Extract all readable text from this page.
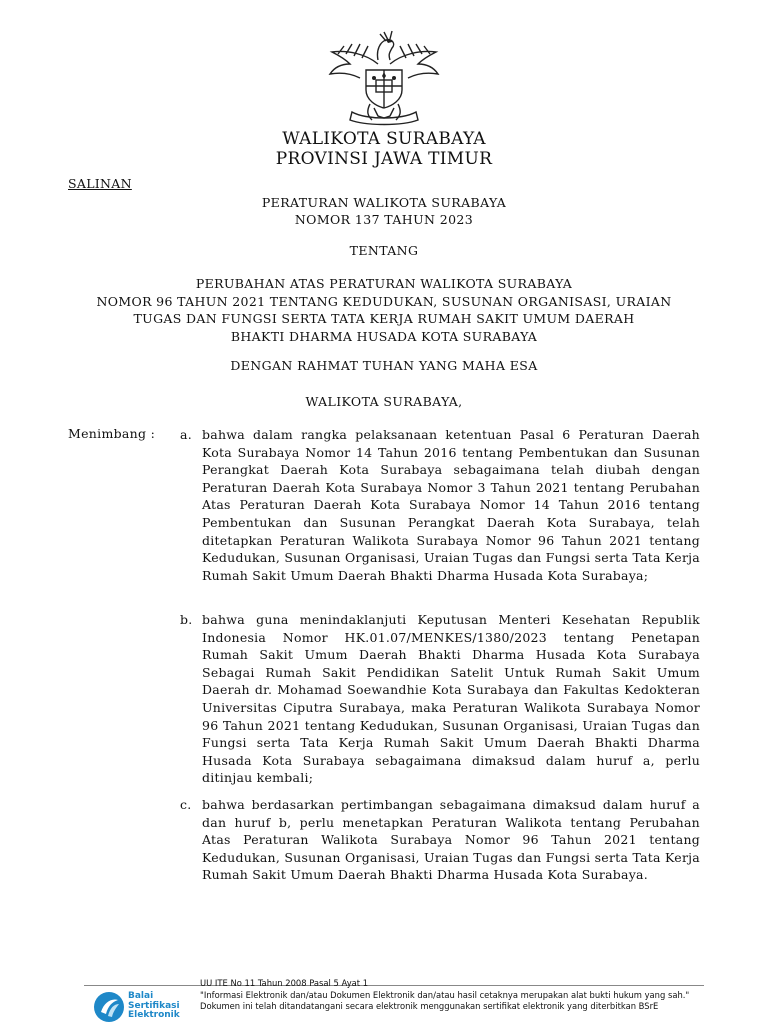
WALIKOTA SURABAYA
PROVINSI JAWA TIMUR
SALINAN
PERATURAN WALIKOTA SURABAYA
NOMOR 137 TAHUN 2023
TENTANG
PERUBAHAN ATAS PERATURAN WALIKOTA SURABAYA
NOMOR 96 TAHUN 2021 TENTANG KEDUDUKAN, SUSUNAN ORGANISASI, URAIAN
TUGAS DAN FUNGSI SERTA TATA KERJA RUMAH SAKIT UMUM DAERAH
BHAKTI DHARMA HUSADA KOTA SURABAYA
DENGAN RAHMAT TUHAN YANG MAHA ESA
WALIKOTA SURABAYA,
Menimbang : a. bahwa dalam rangka pelaksanaan ketentuan Pasal 6 Peraturan Daerah Kota Surabaya Nomor 14 Tahun 2016 tentang Pembentukan dan Susunan Perangkat Daerah Kota Surabaya sebagaimana telah diubah dengan Peraturan Daerah Kota Surabaya Nomor 3 Tahun 2021 tentang Perubahan Atas Peraturan Daerah Kota Surabaya Nomor 14 Tahun 2016 tentang Pembentukan dan Susunan Perangkat Daerah Kota Surabaya, telah ditetapkan Peraturan Walikota Surabaya Nomor 96 Tahun 2021 tentang Kedudukan, Susunan Organisasi, Uraian Tugas dan Fungsi serta Tata Kerja Rumah Sakit Umum Daerah Bhakti Dharma Husada Kota Surabaya;
b. bahwa guna menindaklanjuti Keputusan Menteri Kesehatan Republik Indonesia Nomor HK.01.07/MENKES/1380/2023 tentang Penetapan Rumah Sakit Umum Daerah Bhakti Dharma Husada Kota Surabaya Sebagai Rumah Sakit Pendidikan Satelit Untuk Rumah Sakit Umum Daerah dr. Mohamad Soewandhie Kota Surabaya dan Fakultas Kedokteran Universitas Ciputra Surabaya, maka Peraturan Walikota Surabaya Nomor 96 Tahun 2021 tentang Kedudukan, Susunan Organisasi, Uraian Tugas dan Fungsi serta Tata Kerja Rumah Sakit Umum Daerah Bhakti Dharma Husada Kota Surabaya sebagaimana dimaksud dalam huruf a, perlu ditinjau kembali;
c. bahwa berdasarkan pertimbangan sebagaimana dimaksud dalam huruf a dan huruf b, perlu menetapkan Peraturan Walikota tentang Perubahan Atas Peraturan Walikota Surabaya Nomor 96 Tahun 2021 tentang Kedudukan, Susunan Organisasi, Uraian Tugas dan Fungsi serta Tata Kerja Rumah Sakit Umum Daerah Bhakti Dharma Husada Kota Surabaya.
Balai
Sertifikasi
Elektronik
UU ITE No 11 Tahun 2008 Pasal 5 Ayat 1
"Informasi Elektronik dan/atau Dokumen Elektronik dan/atau hasil cetaknya merupakan alat bukti hukum yang sah."
Dokumen ini telah ditandatangani secara elektronik menggunakan sertifikat elektronik yang diterbitkan BSrE
